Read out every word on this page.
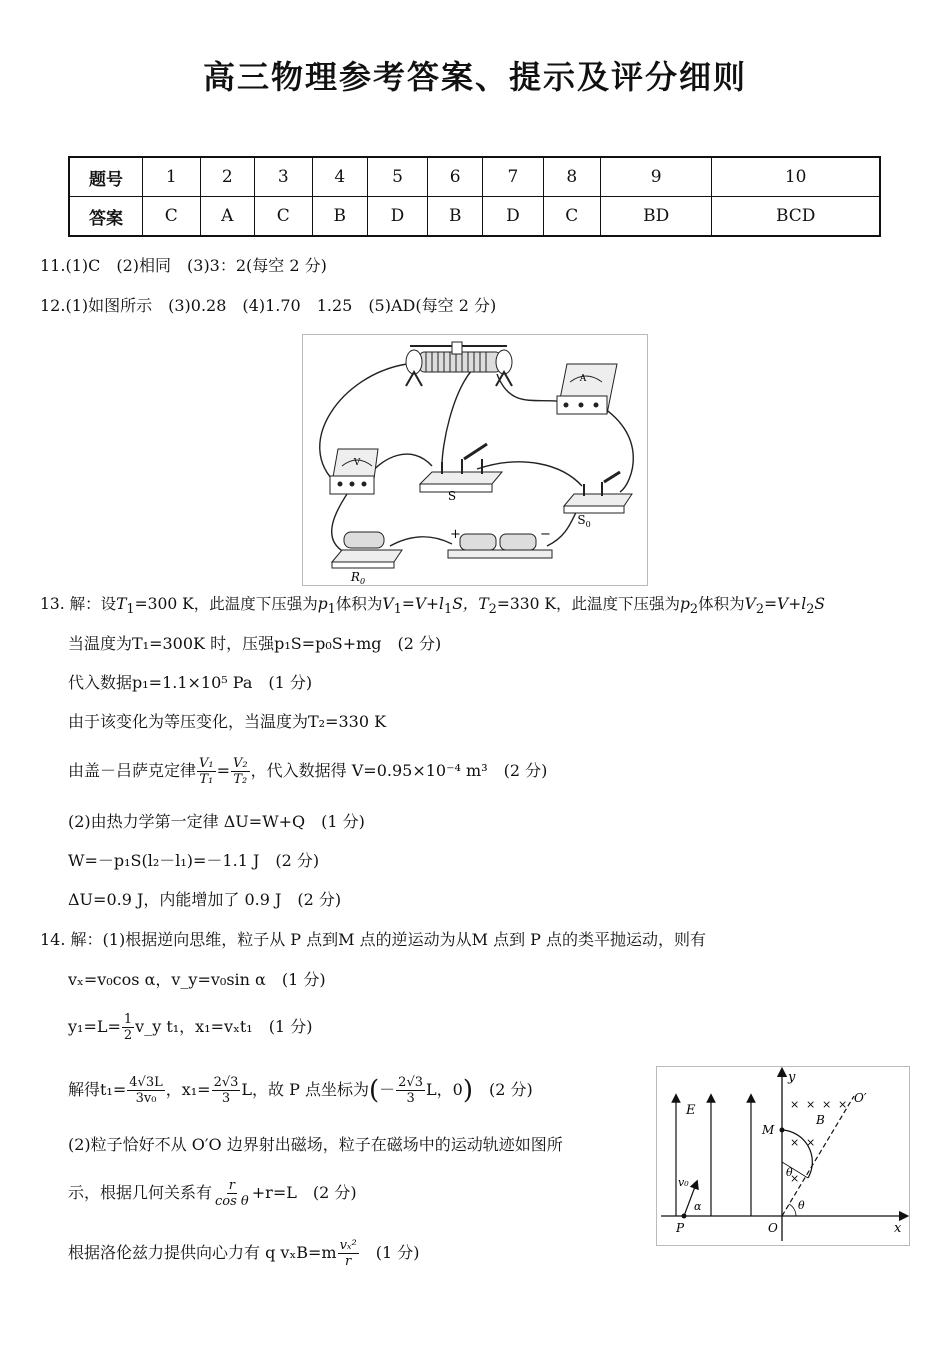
高三物理参考答案、提示及评分细则
题号	1	2	3	4	5	6	7	8	9	10
答案	C	A	C	B	D	B	D	C	BD	BCD
11.(1)C　(2)相同　(3)3：2(每空 2 分)
12.(1)如图所示　(3)0.28　(4)1.70　1.25　(5)AD(每空 2 分)
A
V
S
$S_0$
$R_0$
+	−
13. 解：设$T_1=300$ K，此温度下压强为$p_1$体积为$V_1=V+l_1S$，$T_2=330$ K，此温度下压强为$p_2$体积为$V_2=V+l_2S$
当温度为T₁=300K 时，压强p₁S=p₀S+mg　(2 分)
代入数据p₁=1.1×10⁵ Pa　(1 分)
由于该变化为等压变化，当温度为T₂=330 K
由盖－吕萨克定律 $\frac{\text{V₁}}{\text{T₁}} = \frac{\text{V₂}}{\text{T₂}}$ ，代入数据得 V=0.95×10⁻⁴ m³　(2 分)
(2)由热力学第一定律 ΔU=W+Q　(1 分)
W=－p₁S(l₂－l₁)=－1.1 J　(2 分)
ΔU=0.9 J，内能增加了 0.9 J　(2 分)
14. 解：(1)根据逆向思维，粒子从 P 点到M 点的逆运动为从M 点到 P 点的类平抛运动，则有
vₓ=v₀cos α，v_y=v₀sin α　(1 分)
$y_1=L= \frac{1}{2}$ v_y t₁，x₁=vₓt₁　(1 分)
解得$t_1= \frac{4√3L}{\text{3v₀}}$ ，$x_1= \frac{2√3}{3}$ L，故 P 点坐标为(－ $\frac{2√3}{3}$ L，0)　(2 分)
(2)粒子恰好不从 O′O 边界射出磁场，粒子在磁场中的运动轨迹如图所
示，根据几何关系有 $\frac{r}{\text{cos θ}} +r=L$　(2 分)
根据洛伦兹力提供向心力有 q $v_xB=m \frac{\text{vₓ²}}{r}$ 　(1 分)
x
y
E
O′
× × × ×
× ×
×
B
M
θ
θ
P
v₀
α
O
